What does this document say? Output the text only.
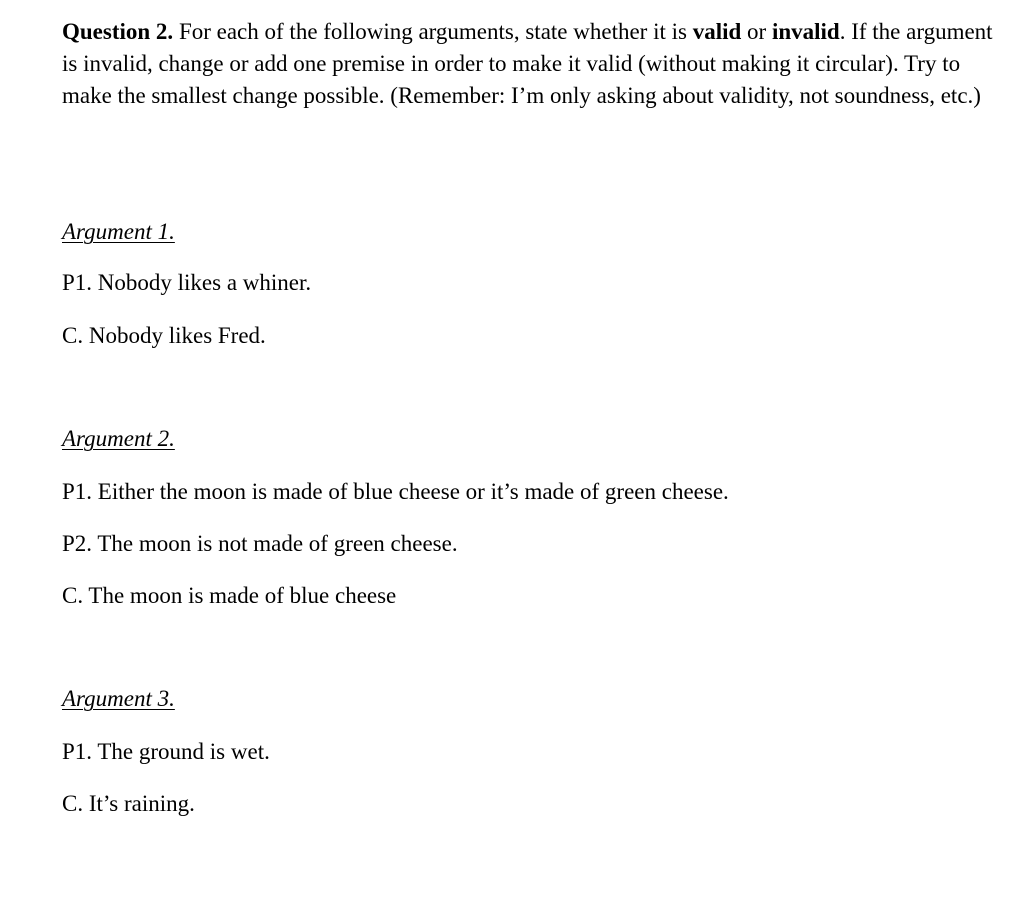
Question 2. For each of the following arguments, state whether it is valid or invalid. If the argument is invalid, change or add one premise in order to make it valid (without making it circular). Try to make the smallest change possible. (Remember: I’m only asking about validity, not soundness, etc.)

Argument 1.

P1. Nobody likes a whiner.

C. Nobody likes Fred.

Argument 2.

P1. Either the moon is made of blue cheese or it’s made of green cheese.

P2. The moon is not made of green cheese.

C. The moon is made of blue cheese

Argument 3.

P1. The ground is wet.

C. It’s raining.
